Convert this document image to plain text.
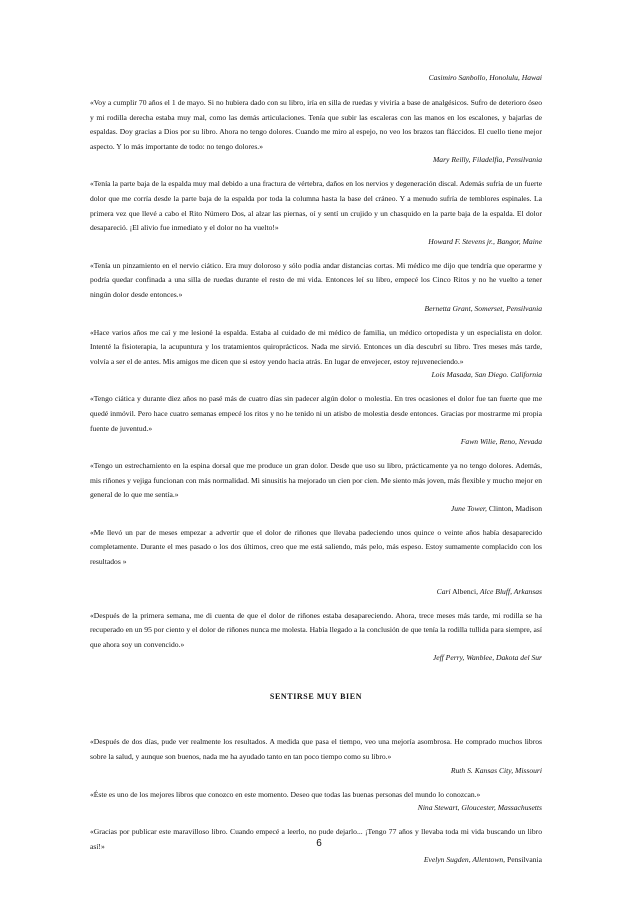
Casimiro Sanbollo, Honolulu, Hawai

«Voy a cumplir 70 años el 1 de mayo. Si no hubiera dado con su libro, iría en silla de ruedas y viviría a base de analgésicos. Sufro de deterioro óseo y mi rodilla derecha estaba muy mal, como las demás articulaciones. Tenía que subir las escaleras con las manos en los escalones, y bajarlas de espaldas. Doy gracias a Dios por su libro. Ahora no tengo dolores. Cuando me miro al espejo, no veo los brazos tan fláccidos. El cuello tiene mejor aspecto. Y lo más importante de todo: no tengo dolores.»

Mary Reilly, Filadelfia, Pensilvania

«Tenía la parte baja de la espalda muy mal debido a una fractura de vértebra, daños en los nervios y degeneración discal. Además sufría de un fuerte dolor que me corría desde la parte baja de la espalda por toda la columna hasta la base del cráneo. Y a menudo sufría de temblores espinales. La primera vez que llevé a cabo el Rito Número Dos, al alzar las piernas, oí y sentí un crujido y un chasquido en la parte baja de la espalda. El dolor desapareció. ¡El alivio fue inmediato y el dolor no ha vuelto!»

Howard F. Stevens jr., Bangor, Maine

«Tenía un pinzamiento en el nervio ciático. Era muy doloroso y sólo podía andar distancias cortas. Mi médico me dijo que tendría que operarme y podría quedar confinada a una silla de ruedas durante el resto de mi vida. Entonces leí su libro, empecé los Cinco Ritos y no he vuelto a tener ningún dolor desde entonces.»

Bernetta Grant, Somerset, Pensilvania

«Hace varios años me caí y me lesioné la espalda. Estaba al cuidado de mi médico de familia, un médico ortopedista y un especialista en dolor. Intenté la fisioterapia, la acupuntura y los tratamientos quiroprácticos. Nada me sirvió. Entonces un día descubrí su libro. Tres meses más tarde, volvía a ser el de antes. Mis amigos me dicen que si estoy yendo hacia atrás. En lugar de envejecer, estoy rejuveneciendo.»

Lois Masada, San Diego. California

«Tengo ciática y durante diez años no pasé más de cuatro días sin padecer algún dolor o molestia. En tres ocasiones el dolor fue tan fuerte que me quedé inmóvil. Pero hace cuatro semanas empecé los ritos y no he tenido ni un atisbo de molestia desde entonces. Gracias por mostrarme mi propia fuente de juventud.»

Fawn Wilie, Reno, Nevada

«Tengo un estrechamiento en la espina dorsal que me produce un gran dolor. Desde que uso su libro, prácticamente ya no tengo dolores. Además, mis riñones y vejiga funcionan con más normalidad. Mi sinusitis ha mejorado un cien por cien. Me siento más joven, más flexible y mucho mejor en general de lo que me sentía.»

June Tower, Clinton, Madison

«Me llevó un par de meses empezar a advertir que el dolor de riñones que llevaba padeciendo unos quince o veinte años había desaparecido completamente. Durante el mes pasado o los dos últimos, creo que me está saliendo, más pelo, más espeso. Estoy sumamente complacido con los resultados »

Cari Albenci, Alce Bluff, Arkansas

«Después de la primera semana, me di cuenta de que el dolor de riñones estaba desapareciendo. Ahora, trece meses más tarde, mi rodilla se ha recuperado en un 95 por ciento y el dolor de riñones nunca me molesta. Había llegado a la conclusión de que tenía la rodilla tullida para siempre, así que ahora soy un convencido.»

Jeff Perry, Wanblee, Dakota del Sur

SENTIRSE MUY BIEN

«Después de dos días, pude ver realmente los resultados. A medida que pasa el tiempo, veo una mejoría asombrosa. He comprado muchos libros sobre la salud, y aunque son buenos, nada me ha ayudado tanto en tan poco tiempo como su libro.»

Ruth S. Kansas City, Missouri

«Éste es uno de los mejores libros que conozco en este momento. Deseo que todas las buenas personas del mundo lo conozcan.»

Nina Stewart, Gloucester, Massachusetts

«Gracias por publicar este maravilloso libro. Cuando empecé a leerlo, no pude dejarlo... ¡Tengo 77 años y llevaba toda mi vida buscando un libro así!»

Evelyn Sugden, Allentown, Pensilvania

6
